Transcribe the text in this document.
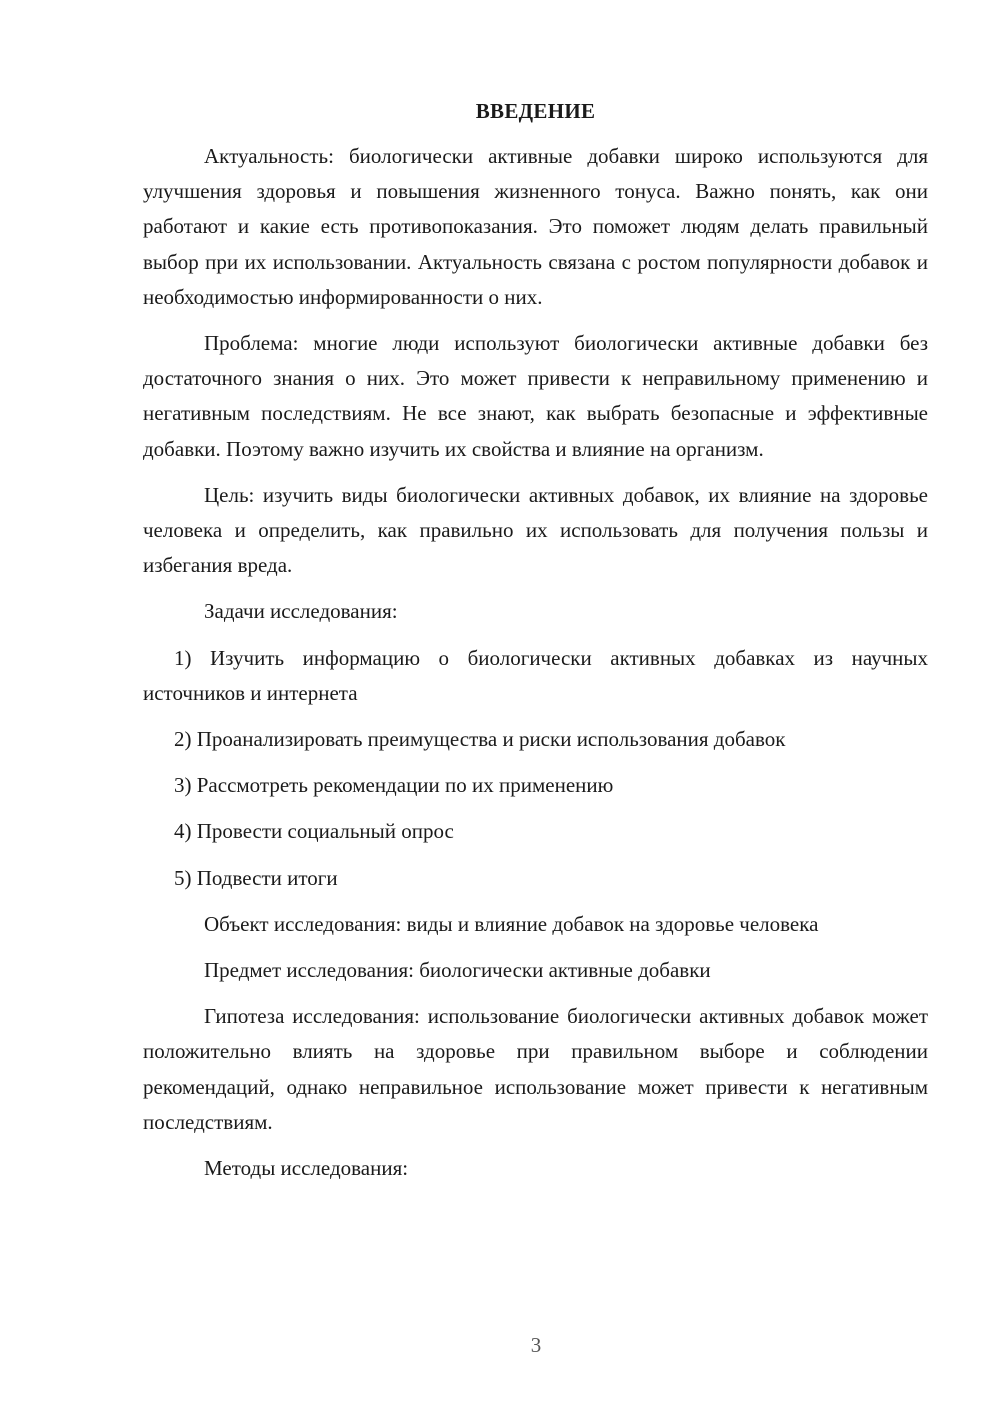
ВВЕДЕНИЕ

Актуальность: биологически активные добавки широко используются для улучшения здоровья и повышения жизненного тонуса. Важно понять, как они работают и какие есть противопоказания. Это поможет людям делать правильный выбор при их использовании. Актуальность связана с ростом популярности добавок и необходимостью информированности о них.

Проблема: многие люди используют биологически активные добавки без достаточного знания о них. Это может привести к неправильному применению и негативным последствиям. Не все знают, как выбрать безопасные и эффективные добавки. Поэтому важно изучить их свойства и влияние на организм.

Цель: изучить виды биологически активных добавок, их влияние на здоровье человека и определить, как правильно их использовать для получения пользы и избегания вреда.

Задачи исследования:

1) Изучить информацию о биологически активных добавках из научных источников и интернета

2) Проанализировать преимущества и риски использования добавок

3) Рассмотреть рекомендации по их применению

4) Провести социальный опрос

5) Подвести итоги

Объект исследования: виды и влияние добавок на здоровье человека

Предмет исследования: биологически активные добавки

Гипотеза исследования: использование биологически активных добавок может положительно влиять на здоровье при правильном выборе и соблюдении рекомендаций, однако неправильное использование может привести к негативным последствиям.

Методы исследования:

3
